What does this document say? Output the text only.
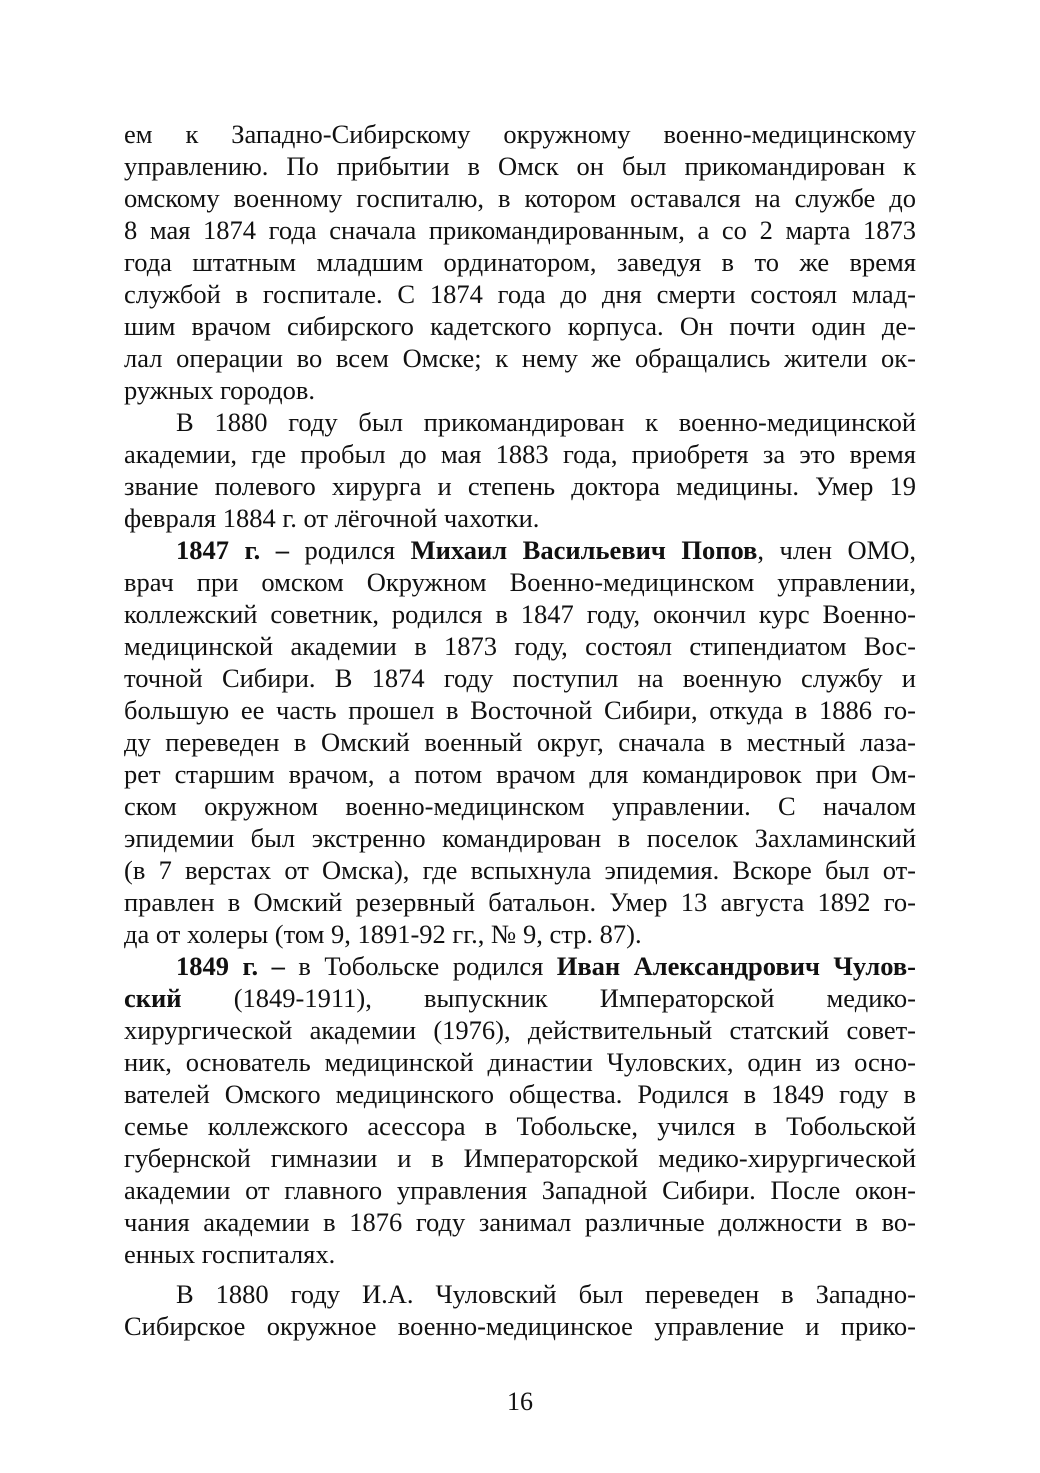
ем к Западно-Сибирскому окружному военно-медицинскому
управлению. По прибытии в Омск он был прикомандирован к
омскому военному госпиталю, в котором оставался на службе до
8 мая 1874 года сначала прикомандированным, а со 2 марта 1873
года штатным младшим ординатором, заведуя в то же время
службой в госпитале. С 1874 года до дня смерти состоял млад-
шим врачом сибирского кадетского корпуса. Он почти один де-
лал операции во всем Омске; к нему же обращались жители ок-
ружных городов.
В 1880 году был прикомандирован к военно-медицинской
академии, где пробыл до мая 1883 года, приобретя за это время
звание полевого хирурга и степень доктора медицины. Умер 19
февраля 1884 г. от лёгочной чахотки.
1847 г. – родился Михаил Васильевич Попов, член ОМО,
врач при омском Окружном Военно-медицинском управлении,
коллежский советник, родился в 1847 году, окончил курс Военно-
медицинской академии в 1873 году, состоял стипендиатом Вос-
точной Сибири. В 1874 году поступил на военную службу и
большую ее часть прошел в Восточной Сибири, откуда в 1886 го-
ду переведен в Омский военный округ, сначала в местный лаза-
рет старшим врачом, а потом врачом для командировок при Ом-
ском окружном военно-медицинском управлении. С началом
эпидемии был экстренно командирован в поселок Захламинский
(в 7 верстах от Омска), где вспыхнула эпидемия. Вскоре был от-
правлен в Омский резервный батальон. Умер 13 августа 1892 го-
да от холеры (том 9, 1891-92 гг., № 9, стр. 87).
1849 г. – в Тобольске родился Иван Александрович Чулов-
ский (1849-1911), выпускник Императорской медико-
хирургической академии (1976), действительный статский совет-
ник, основатель медицинской династии Чуловских, один из осно-
вателей Омского медицинского общества. Родился в 1849 году в
семье коллежского асессора в Тобольске, учился в Тобольской
губернской гимназии и в Императорской медико-хирургической
академии от главного управления Западной Сибири. После окон-
чания академии в 1876 году занимал различные должности в во-
енных госпиталях.
В 1880 году И.А. Чуловский был переведен в Западно-
Сибирское окружное военно-медицинское управление и прико-
16
